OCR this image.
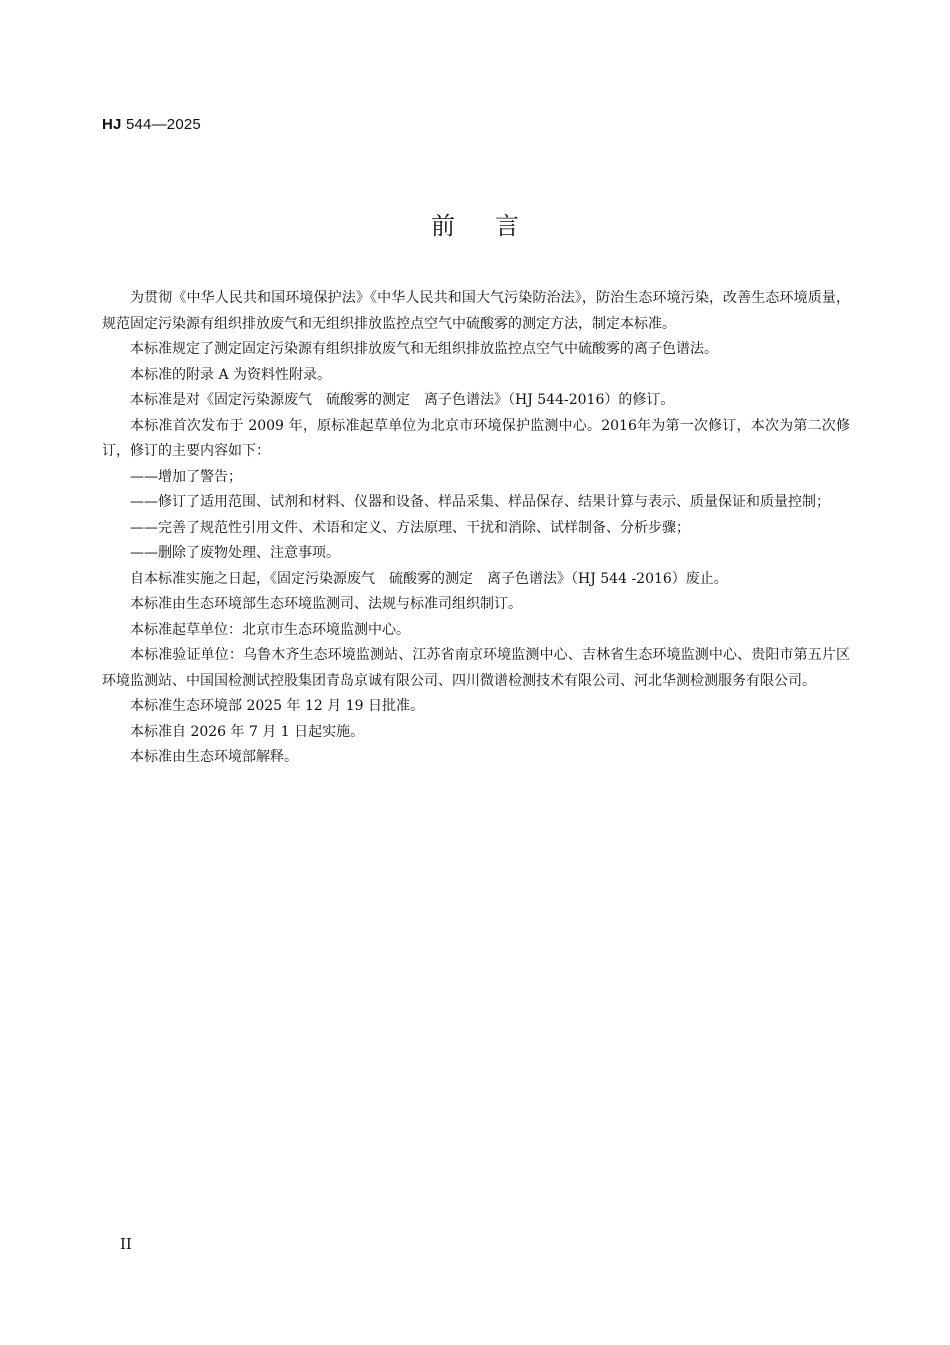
HJ 544—2025
前言

为贯彻《中华人民共和国环境保护法》《中华人民共和国大气污染防治法》，防治生态环境污染，改善生态环境质量，规范固定污染源有组织排放废气和无组织排放监控点空气中硫酸雾的测定方法，制定本标准。

本标准规定了测定固定污染源有组织排放废气和无组织排放监控点空气中硫酸雾的离子色谱法。

本标准的附录 A 为资料性附录。

本标准是对《固定污染源废气　硫酸雾的测定　离子色谱法》（HJ 544-2016）的修订。

本标准首次发布于 2009 年，原标准起草单位为北京市环境保护监测中心。2016年为第一次修订，本次为第二次修订，修订的主要内容如下：

——增加了警告；

——修订了适用范围、试剂和材料、仪器和设备、样品采集、样品保存、结果计算与表示、质量保证和质量控制；

——完善了规范性引用文件、术语和定义、方法原理、干扰和消除、试样制备、分析步骤；

——删除了废物处理、注意事项。

自本标准实施之日起，《固定污染源废气　硫酸雾的测定　离子色谱法》（HJ 544 -2016）废止。

本标准由生态环境部生态环境监测司、法规与标准司组织制订。

本标准起草单位：北京市生态环境监测中心。

本标准验证单位：乌鲁木齐生态环境监测站、江苏省南京环境监测中心、吉林省生态环境监测中心、贵阳市第五片区环境监测站、中国国检测试控股集团青岛京诚有限公司、四川微谱检测技术有限公司、河北华测检测服务有限公司。

本标准生态环境部 2025 年 12 月 19 日批准。

本标准自 2026 年 7 月 1 日起实施。

本标准由生态环境部解释。

II
